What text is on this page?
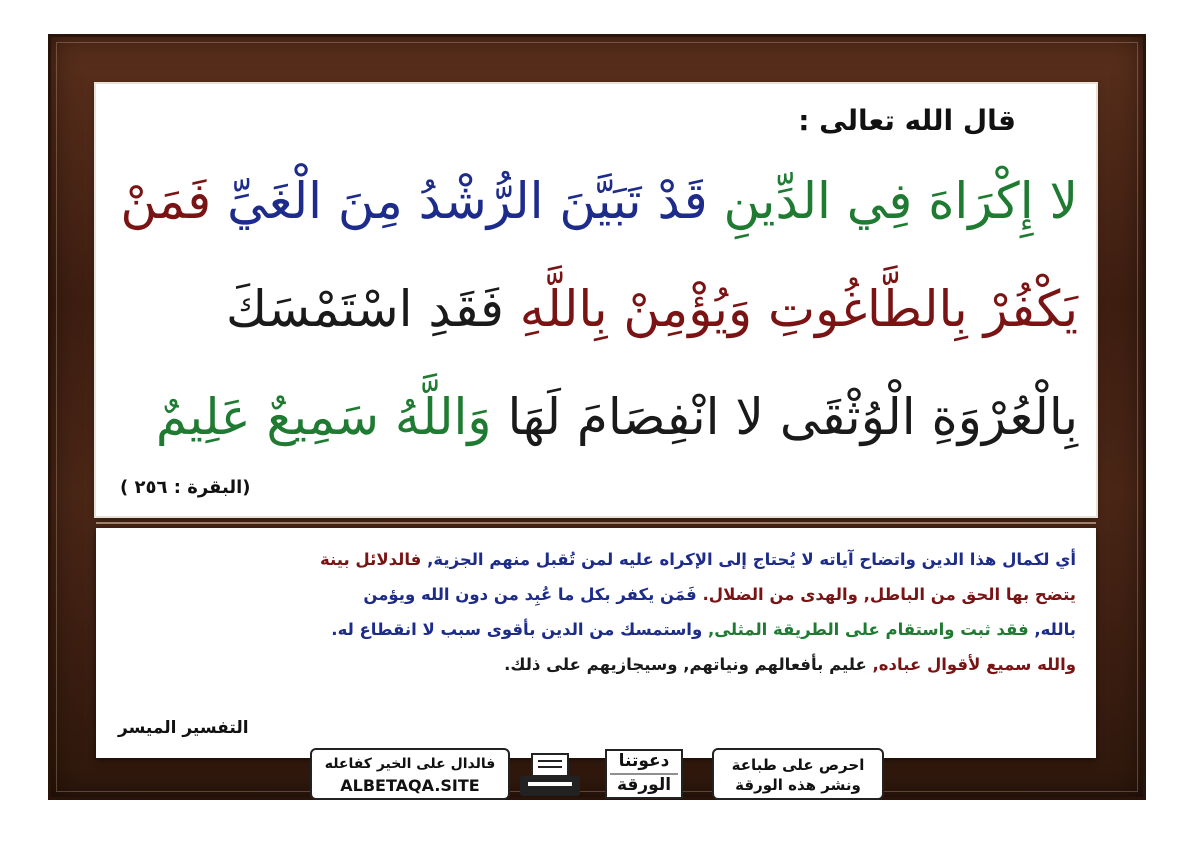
قال الله تعالى :
لا إِكْرَاهَ فِي الدِّينِ قَدْ تَبَيَّنَ الرُّشْدُ مِنَ الْغَيِّ فَمَنْ
يَكْفُرْ بِالطَّاغُوتِ وَيُؤْمِنْ بِاللَّهِ فَقَدِ اسْتَمْسَكَ
بِالْعُرْوَةِ الْوُثْقَى لا انْفِصَامَ لَهَا وَاللَّهُ سَمِيعٌ عَلِيمٌ
(البقرة : ٢٥٦ )

أي لكمال هذا الدين واتضاح آياته لا يُحتاج إلى الإكراه عليه لمن تُقبل منهم الجزية, فالدلائل بينة

يتضح بها الحق من الباطل, والهدى من الضلال. فَمَن يكفر بكل ما عُبِد من دون الله ويؤمن

بالله, فقد ثبت واستقام على الطريقة المثلى, واستمسك من الدين بأقوى سبب لا انقطاع له.

والله سميع لأقوال عباده, عليم بأفعالهم ونياتهم, وسيجازيهم على ذلك.

التفسير الميسر
احرص على طباعة
ونشر هذه الورقة
دعوتنا
الورقة
فالدال على الخير كفاعله
ALBETAQA.SITE
